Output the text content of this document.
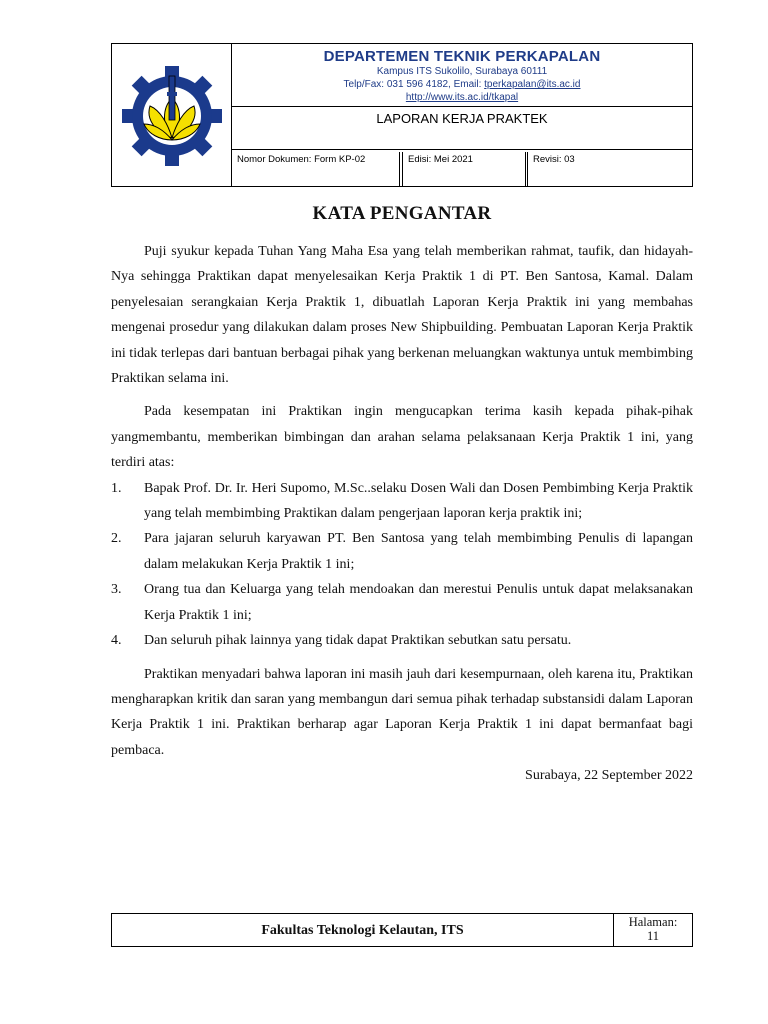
DEPARTEMEN TEKNIK PERKAPALAN
Kampus ITS Sukolilo, Surabaya 60111
Telp/Fax: 031 596 4182, Email: tperkapalan@its.ac.id
http://www.its.ac.id/tkapal
LAPORAN KERJA PRAKTEK
Nomor Dokumen: Form KP-02	Edisi: Mei 2021	Revisi: 03
KATA PENGANTAR

Puji syukur kepada Tuhan Yang Maha Esa yang telah memberikan rahmat, taufik, dan hidayah-Nya sehingga Praktikan dapat menyelesaikan Kerja Praktik 1 di PT. Ben Santosa, Kamal. Dalam penyelesaian serangkaian Kerja Praktik 1, dibuatlah Laporan Kerja Praktik ini yang membahas mengenai prosedur yang dilakukan dalam proses New Shipbuilding. Pembuatan Laporan Kerja Praktik ini tidak terlepas dari bantuan berbagai pihak yang berkenan meluangkan waktunya untuk membimbing Praktikan selama ini.

Pada kesempatan ini Praktikan ingin mengucapkan terima kasih kepada pihak-pihak yangmembantu, memberikan bimbingan dan arahan selama pelaksanaan Kerja Praktik 1 ini, yang terdiri atas:

1. Bapak Prof. Dr. Ir. Heri Supomo, M.Sc..selaku Dosen Wali dan Dosen Pembimbing Kerja Praktik yang telah membimbing Praktikan dalam pengerjaan laporan kerja praktik ini;
2. Para jajaran seluruh karyawan PT. Ben Santosa yang telah membimbing Penulis di lapangan dalam melakukan Kerja Praktik 1 ini;
3. Orang tua dan Keluarga yang telah mendoakan dan merestui Penulis untuk dapat melaksanakan Kerja Praktik 1 ini;
4. Dan seluruh pihak lainnya yang tidak dapat Praktikan sebutkan satu persatu.

Praktikan menyadari bahwa laporan ini masih jauh dari kesempurnaan, oleh karena itu, Praktikan mengharapkan kritik dan saran yang membangun dari semua pihak terhadap substansidi dalam Laporan Kerja Praktik 1 ini. Praktikan berharap agar Laporan Kerja Praktik 1 ini dapat bermanfaat bagi pembaca.

Surabaya, 22 September 2022
Fakultas Teknologi Kelautan, ITS
Halaman:
11
